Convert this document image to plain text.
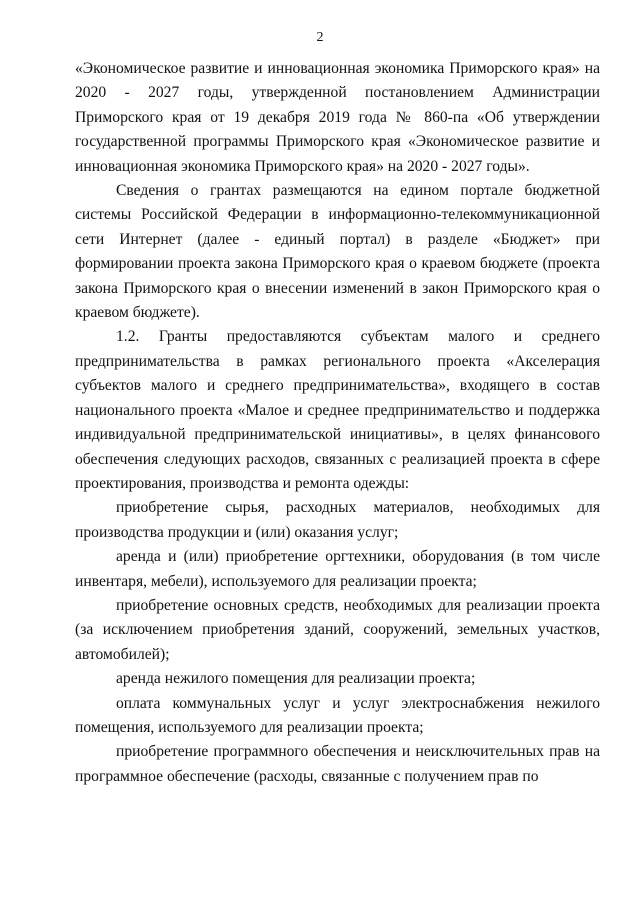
2

«Экономическое развитие и инновационная экономика Приморского края» на 2020 - 2027 годы, утвержденной постановлением Администрации Приморского края от 19 декабря 2019 года № 860-па «Об утверждении государственной программы Приморского края «Экономическое развитие и инновационная экономика Приморского края» на 2020 - 2027 годы».

Сведения о грантах размещаются на едином портале бюджетной системы Российской Федерации в информационно-телекоммуникационной сети Интернет (далее - единый портал) в разделе «Бюджет» при формировании проекта закона Приморского края о краевом бюджете (проекта закона Приморского края о внесении изменений в закон Приморского края о краевом бюджете).

1.2. Гранты предоставляются субъектам малого и среднего предпринимательства в рамках регионального проекта «Акселерация субъектов малого и среднего предпринимательства», входящего в состав национального проекта «Малое и среднее предпринимательство и поддержка индивидуальной предпринимательской инициативы», в целях финансового обеспечения следующих расходов, связанных с реализацией проекта в сфере проектирования, производства и ремонта одежды:

приобретение сырья, расходных материалов, необходимых для производства продукции и (или) оказания услуг;

аренда и (или) приобретение оргтехники, оборудования (в том числе инвентаря, мебели), используемого для реализации проекта;

приобретение основных средств, необходимых для реализации проекта (за исключением приобретения зданий, сооружений, земельных участков, автомобилей);

аренда нежилого помещения для реализации проекта;

оплата коммунальных услуг и услуг электроснабжения нежилого помещения, используемого для реализации проекта;

приобретение программного обеспечения и неисключительных прав на программное обеспечение (расходы, связанные с получением прав по
